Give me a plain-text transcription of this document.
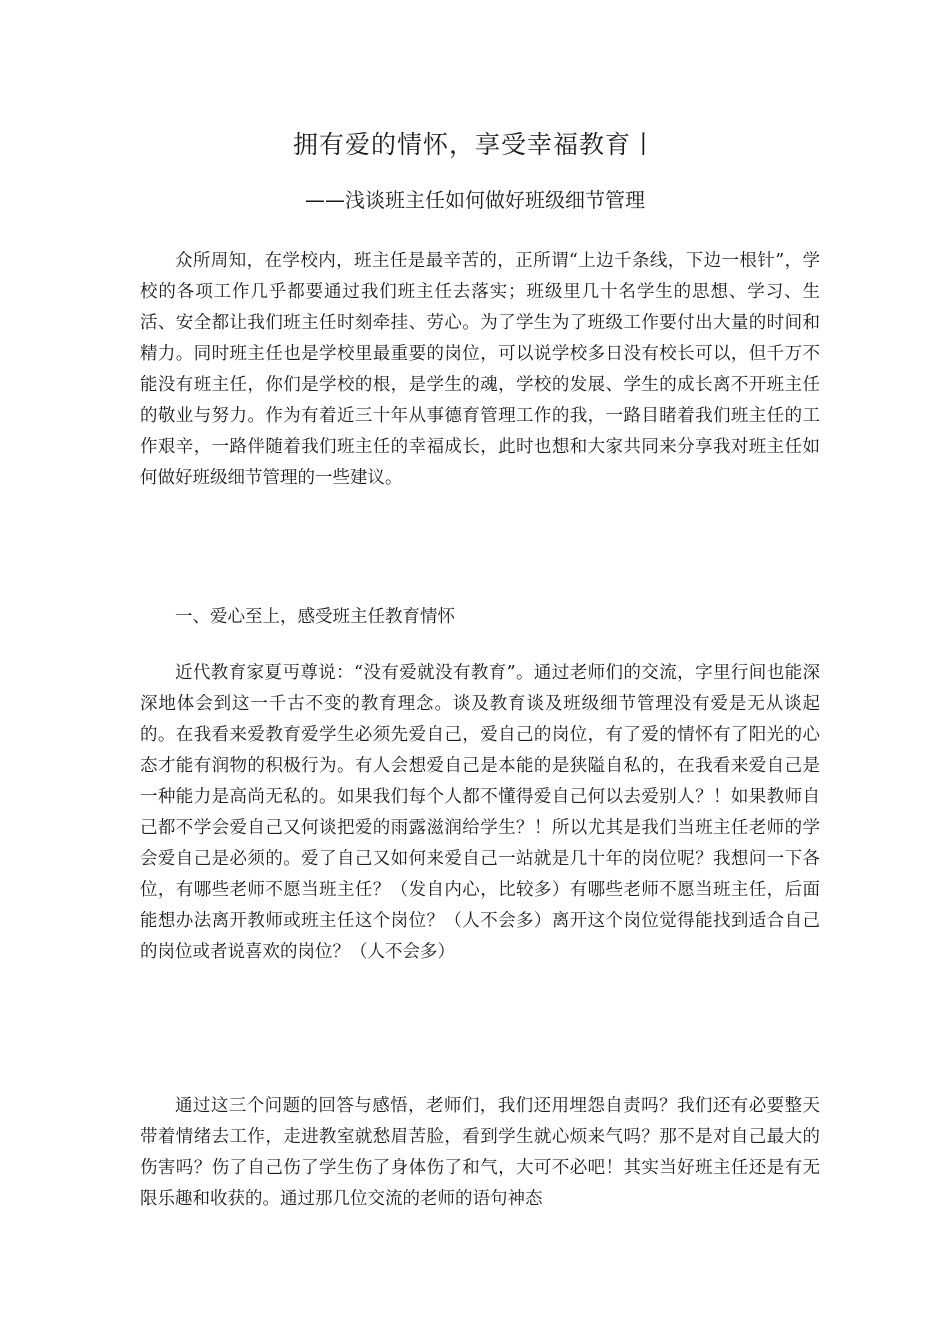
拥有爱的情怀，享受幸福教育丨
——浅谈班主任如何做好班级细节管理

众所周知，在学校内，班主任是最辛苦的，正所谓“上边千条线，下边一根针”，学校的各项工作几乎都要通过我们班主任去落实；班级里几十名学生的思想、学习、生活、安全都让我们班主任时刻牵挂、劳心。为了学生为了班级工作要付出大量的时间和精力。同时班主任也是学校里最重要的岗位，可以说学校多日没有校长可以，但千万不能没有班主任，你们是学校的根，是学生的魂，学校的发展、学生的成长离不开班主任的敬业与努力。作为有着近三十年从事德育管理工作的我，一路目睹着我们班主任的工作艰辛，一路伴随着我们班主任的幸福成长，此时也想和大家共同来分享我对班主任如何做好班级细节管理的一些建议。

一、爱心至上，感受班主任教育情怀

近代教育家夏丏尊说：“没有爱就没有教育”。通过老师们的交流，字里行间也能深深地体会到这一千古不变的教育理念。谈及教育谈及班级细节管理没有爱是无从谈起的。在我看来爱教育爱学生必须先爱自己，爱自己的岗位，有了爱的情怀有了阳光的心态才能有润物的积极行为。有人会想爱自己是本能的是狭隘自私的，在我看来爱自己是一种能力是高尚无私的。如果我们每个人都不懂得爱自己何以去爱别人？！如果教师自己都不学会爱自己又何谈把爱的雨露滋润给学生？！所以尤其是我们当班主任老师的学会爱自己是必须的。爱了自己又如何来爱自己一站就是几十年的岗位呢？我想问一下各位，有哪些老师不愿当班主任？（发自内心，比较多）有哪些老师不愿当班主任，后面能想办法离开教师或班主任这个岗位？（人不会多）离开这个岗位觉得能找到适合自己的岗位或者说喜欢的岗位？（人不会多）

通过这三个问题的回答与感悟，老师们，我们还用埋怨自责吗？我们还有必要整天带着情绪去工作，走进教室就愁眉苦脸，看到学生就心烦来气吗？那不是对自己最大的伤害吗？伤了自己伤了学生伤了身体伤了和气，大可不必吧！其实当好班主任还是有无限乐趣和收获的。通过那几位交流的老师的语句神态
